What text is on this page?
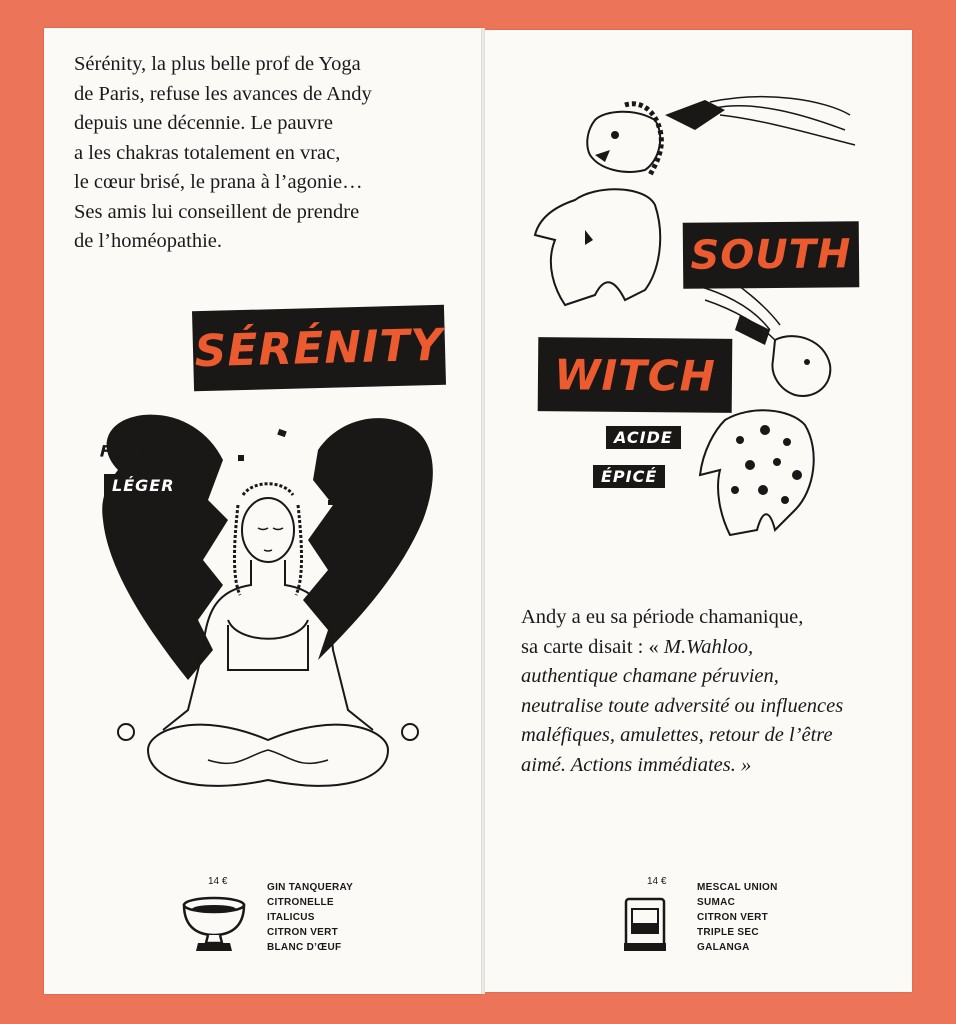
Sérénity, la plus belle prof de Yoga
de Paris, refuse les avances de Andy
depuis une décennie. Le pauvre
a les chakras totalement en vrac,
le cœur brisé, le prana à l’agonie…
Ses amis lui conseillent de prendre
de l’homéopathie.

SÉRÉNITY
FRAIS
LÉGER
14 €
GIN TANQUERAY
CITRONELLE
ITALICUS
CITRON VERT
BLANC D’ŒUF
SOUTH
WITCH
ACIDE
ÉPICÉ

Andy a eu sa période chamanique,
sa carte disait : « M.Wahloo,
authentique chamane péruvien,
neutralise toute adversité ou influences
maléfiques, amulettes, retour de l’être
aimé. Actions immédiates. »

14 €
MESCAL UNION
SUMAC
CITRON VERT
TRIPLE SEC
GALANGA
